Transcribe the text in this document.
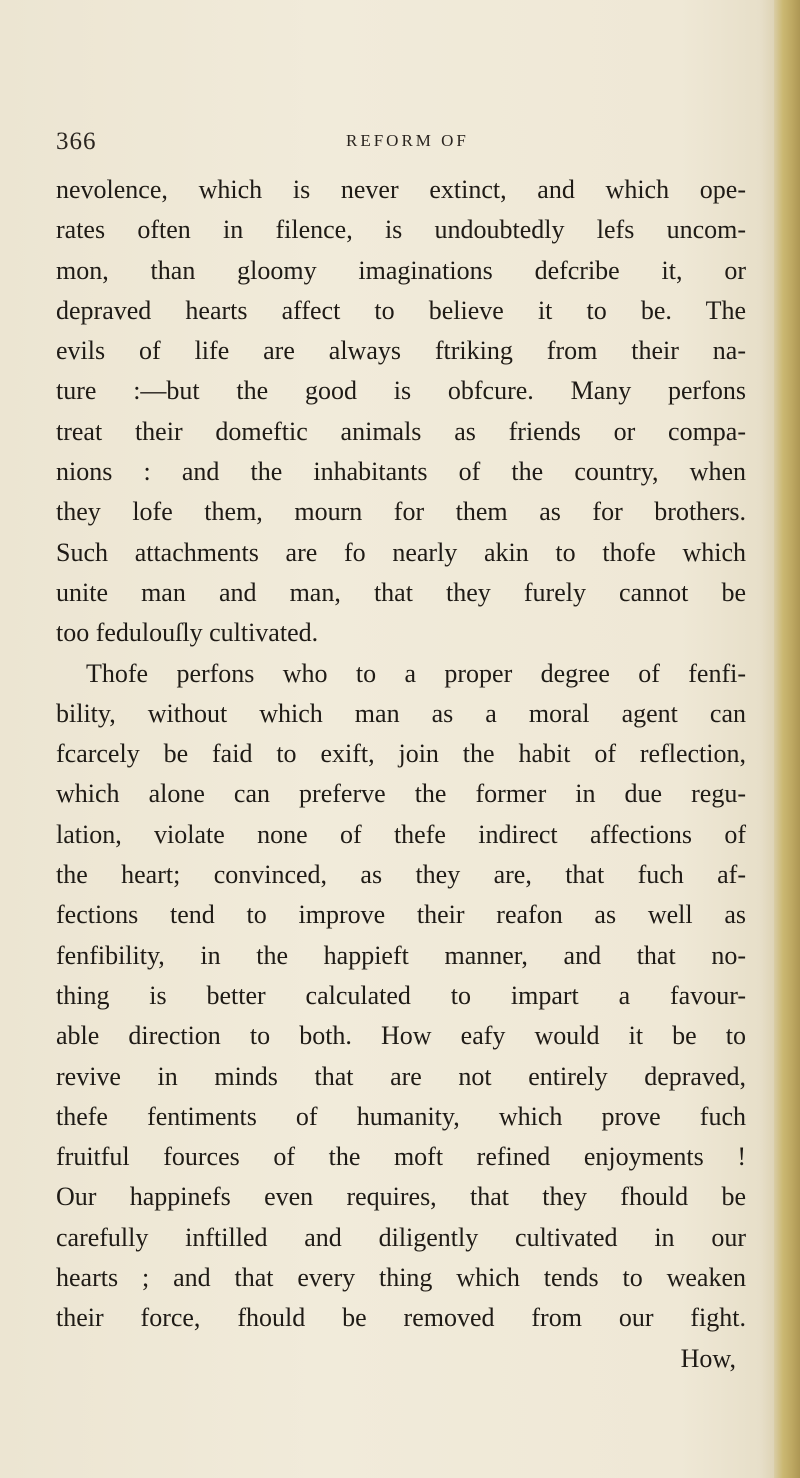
366	REFORM OF
nevolence, which is never extinct, and which ope-
rates often in filence, is undoubtedly lefs uncom-
mon, than gloomy imaginations defcribe it, or
depraved hearts affect to believe it to be. The
evils of life are always ftriking from their na-
ture :—but the good is obfcure. Many perfons
treat their domeftic animals as friends or compa-
nions : and the inhabitants of the country, when
they lofe them, mourn for them as for brothers.
Such attachments are fo nearly akin to thofe which
unite man and man, that they furely cannot be
too fedulouſly cultivated.
Thofe perfons who to a proper degree of fenfi-
bility, without which man as a moral agent can
fcarcely be faid to exift, join the habit of reflection,
which alone can preferve the former in due regu-
lation, violate none of thefe indirect affections of
the heart; convinced, as they are, that fuch af-
fections tend to improve their reafon as well as
fenfibility, in the happieft manner, and that no-
thing is better calculated to impart a favour-
able direction to both. How eafy would it be to
revive in minds that are not entirely depraved,
thefe fentiments of humanity, which prove fuch
fruitful fources of the moft refined enjoyments !
Our happinefs even requires, that they fhould be
carefully inftilled and diligently cultivated in our
hearts ; and that every thing which tends to weaken
their force, fhould be removed from our fight.
How,
